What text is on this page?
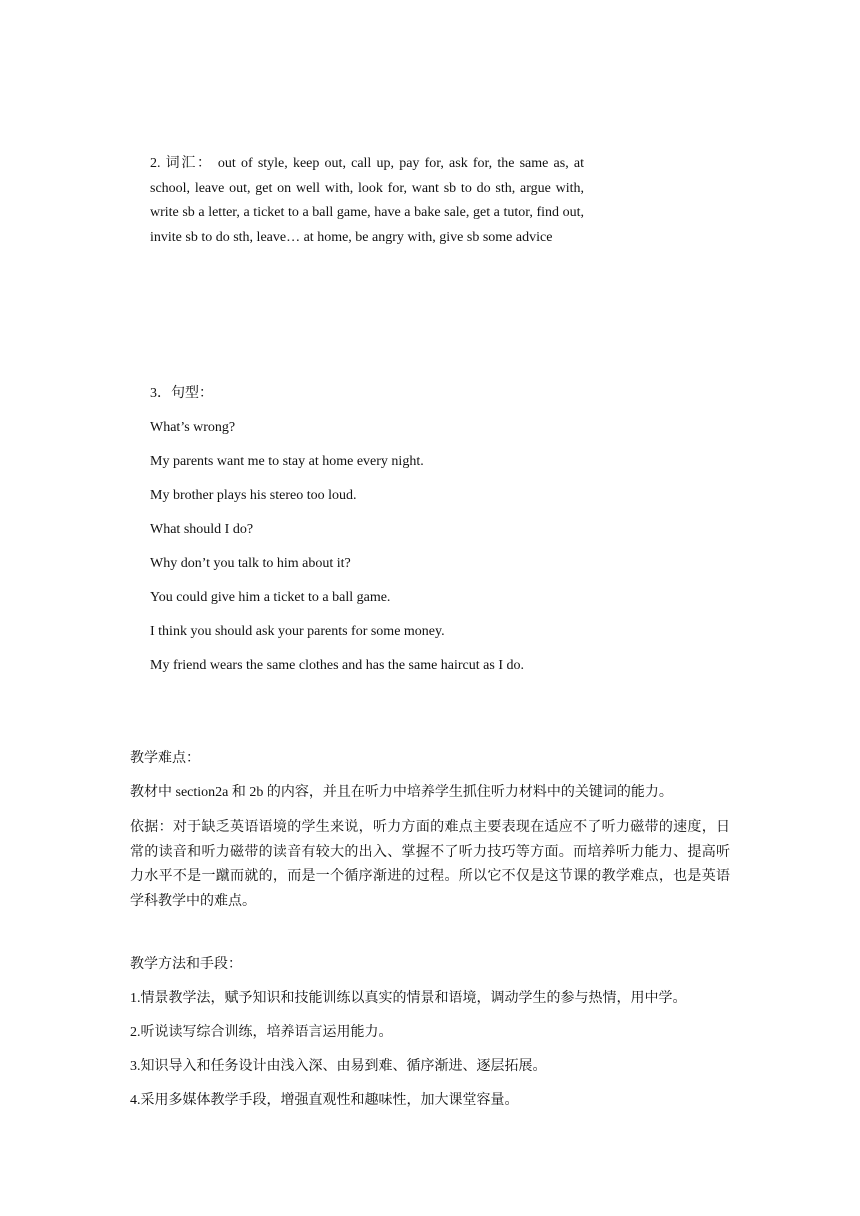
2. 词汇： out of style, keep out, call up, pay for, ask for, the same as, at school, leave out, get on well with, look for, want sb to do sth, argue with, write sb a letter, a ticket to a ball game, have a bake sale, get a tutor, find out, invite sb to do sth, leave… at home, be angry with, give sb some advice

3．句型：

What’s wrong?

My parents want me to stay at home every night.

My brother plays his stereo too loud.

What should I do?

Why don’t you talk to him about it?

You could give him a ticket to a ball game.

I think you should ask your parents for some money.

My friend wears the same clothes and has the same haircut as I do.

教学难点：

教材中 section2a 和 2b 的内容，并且在听力中培养学生抓住听力材料中的关键词的能力。

依据：对于缺乏英语语境的学生来说，听力方面的难点主要表现在适应不了听力磁带的速度，日常的读音和听力磁带的读音有较大的出入、掌握不了听力技巧等方面。而培养听力能力、提高听力水平不是一蹴而就的，而是一个循序渐进的过程。所以它不仅是这节课的教学难点，也是英语学科教学中的难点。

教学方法和手段：

1.情景教学法，赋予知识和技能训练以真实的情景和语境，调动学生的参与热情，用中学。

2.听说读写综合训练，培养语言运用能力。

3.知识导入和任务设计由浅入深、由易到难、循序渐进、逐层拓展。

4.采用多媒体教学手段，增强直观性和趣味性，加大课堂容量。
